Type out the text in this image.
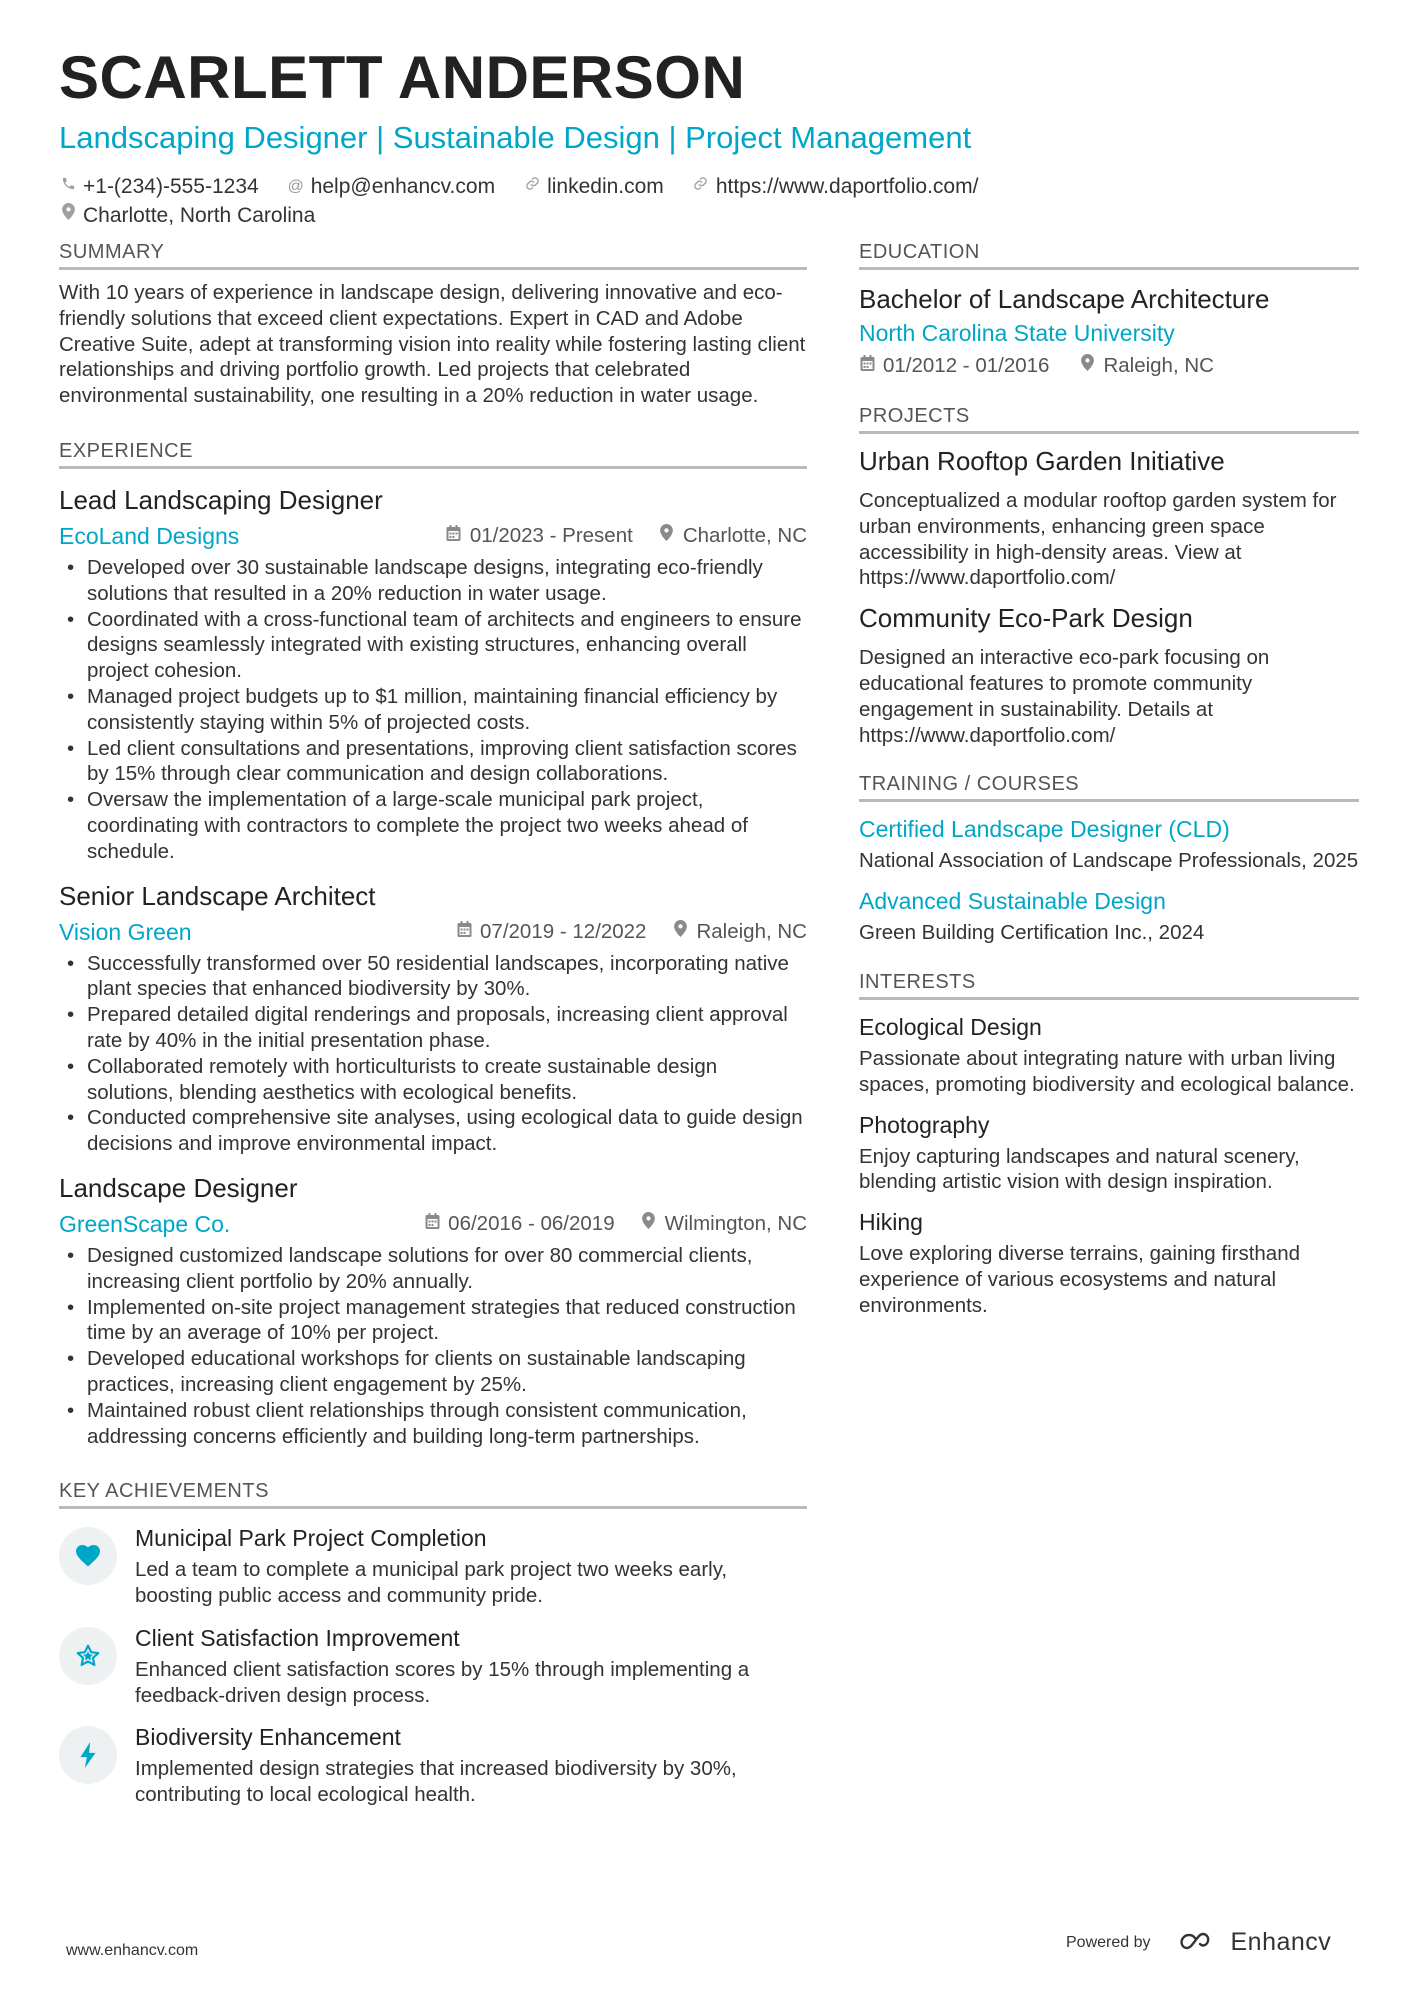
SCARLETT ANDERSON
Landscaping Designer | Sustainable Design | Project Management
+1-(234)-555-1234 @ help@enhancv.com linkedin.com https://www.daportfolio.com/
Charlotte, North Carolina
SUMMARY
With 10 years of experience in landscape design, delivering innovative and eco-friendly solutions that exceed client expectations. Expert in CAD and Adobe Creative Suite, adept at transforming vision into reality while fostering lasting client relationships and driving portfolio growth. Led projects that celebrated environmental sustainability, one resulting in a 20% reduction in water usage.
EXPERIENCE
Lead Landscaping Designer
EcoLand Designs	01/2023 - Present Charlotte, NC
• Developed over 30 sustainable landscape designs, integrating eco-friendly solutions that resulted in a 20% reduction in water usage.
• Coordinated with a cross-functional team of architects and engineers to ensure designs seamlessly integrated with existing structures, enhancing overall project cohesion.
• Managed project budgets up to $1 million, maintaining financial efficiency by consistently staying within 5% of projected costs.
• Led client consultations and presentations, improving client satisfaction scores by 15% through clear communication and design collaborations.
• Oversaw the implementation of a large-scale municipal park project, coordinating with contractors to complete the project two weeks ahead of schedule.
Senior Landscape Architect
Vision Green	07/2019 - 12/2022 Raleigh, NC
• Successfully transformed over 50 residential landscapes, incorporating native plant species that enhanced biodiversity by 30%.
• Prepared detailed digital renderings and proposals, increasing client approval rate by 40% in the initial presentation phase.
• Collaborated remotely with horticulturists to create sustainable design solutions, blending aesthetics with ecological benefits.
• Conducted comprehensive site analyses, using ecological data to guide design decisions and improve environmental impact.
Landscape Designer
GreenScape Co.	06/2016 - 06/2019 Wilmington, NC
• Designed customized landscape solutions for over 80 commercial clients, increasing client portfolio by 20% annually.
• Implemented on-site project management strategies that reduced construction time by an average of 10% per project.
• Developed educational workshops for clients on sustainable landscaping practices, increasing client engagement by 25%.
• Maintained robust client relationships through consistent communication, addressing concerns efficiently and building long-term partnerships.
KEY ACHIEVEMENTS
Municipal Park Project Completion
Led a team to complete a municipal park project two weeks early, boosting public access and community pride.
Client Satisfaction Improvement
Enhanced client satisfaction scores by 15% through implementing a feedback-driven design process.
Biodiversity Enhancement
Implemented design strategies that increased biodiversity by 30%, contributing to local ecological health.
EDUCATION
Bachelor of Landscape Architecture
North Carolina State University
01/2012 - 01/2016	Raleigh, NC
PROJECTS
Urban Rooftop Garden Initiative
Conceptualized a modular rooftop garden system for urban environments, enhancing green space accessibility in high-density areas. View at https://www.daportfolio.com/
Community Eco-Park Design
Designed an interactive eco-park focusing on educational features to promote community engagement in sustainability. Details at https://www.daportfolio.com/
TRAINING / COURSES
Certified Landscape Designer (CLD)
National Association of Landscape Professionals, 2025
Advanced Sustainable Design
Green Building Certification Inc., 2024
INTERESTS
Ecological Design
Passionate about integrating nature with urban living spaces, promoting biodiversity and ecological balance.
Photography
Enjoy capturing landscapes and natural scenery, blending artistic vision with design inspiration.
Hiking
Love exploring diverse terrains, gaining firsthand experience of various ecosystems and natural environments.
www.enhancv.com	Powered by	Enhancv
